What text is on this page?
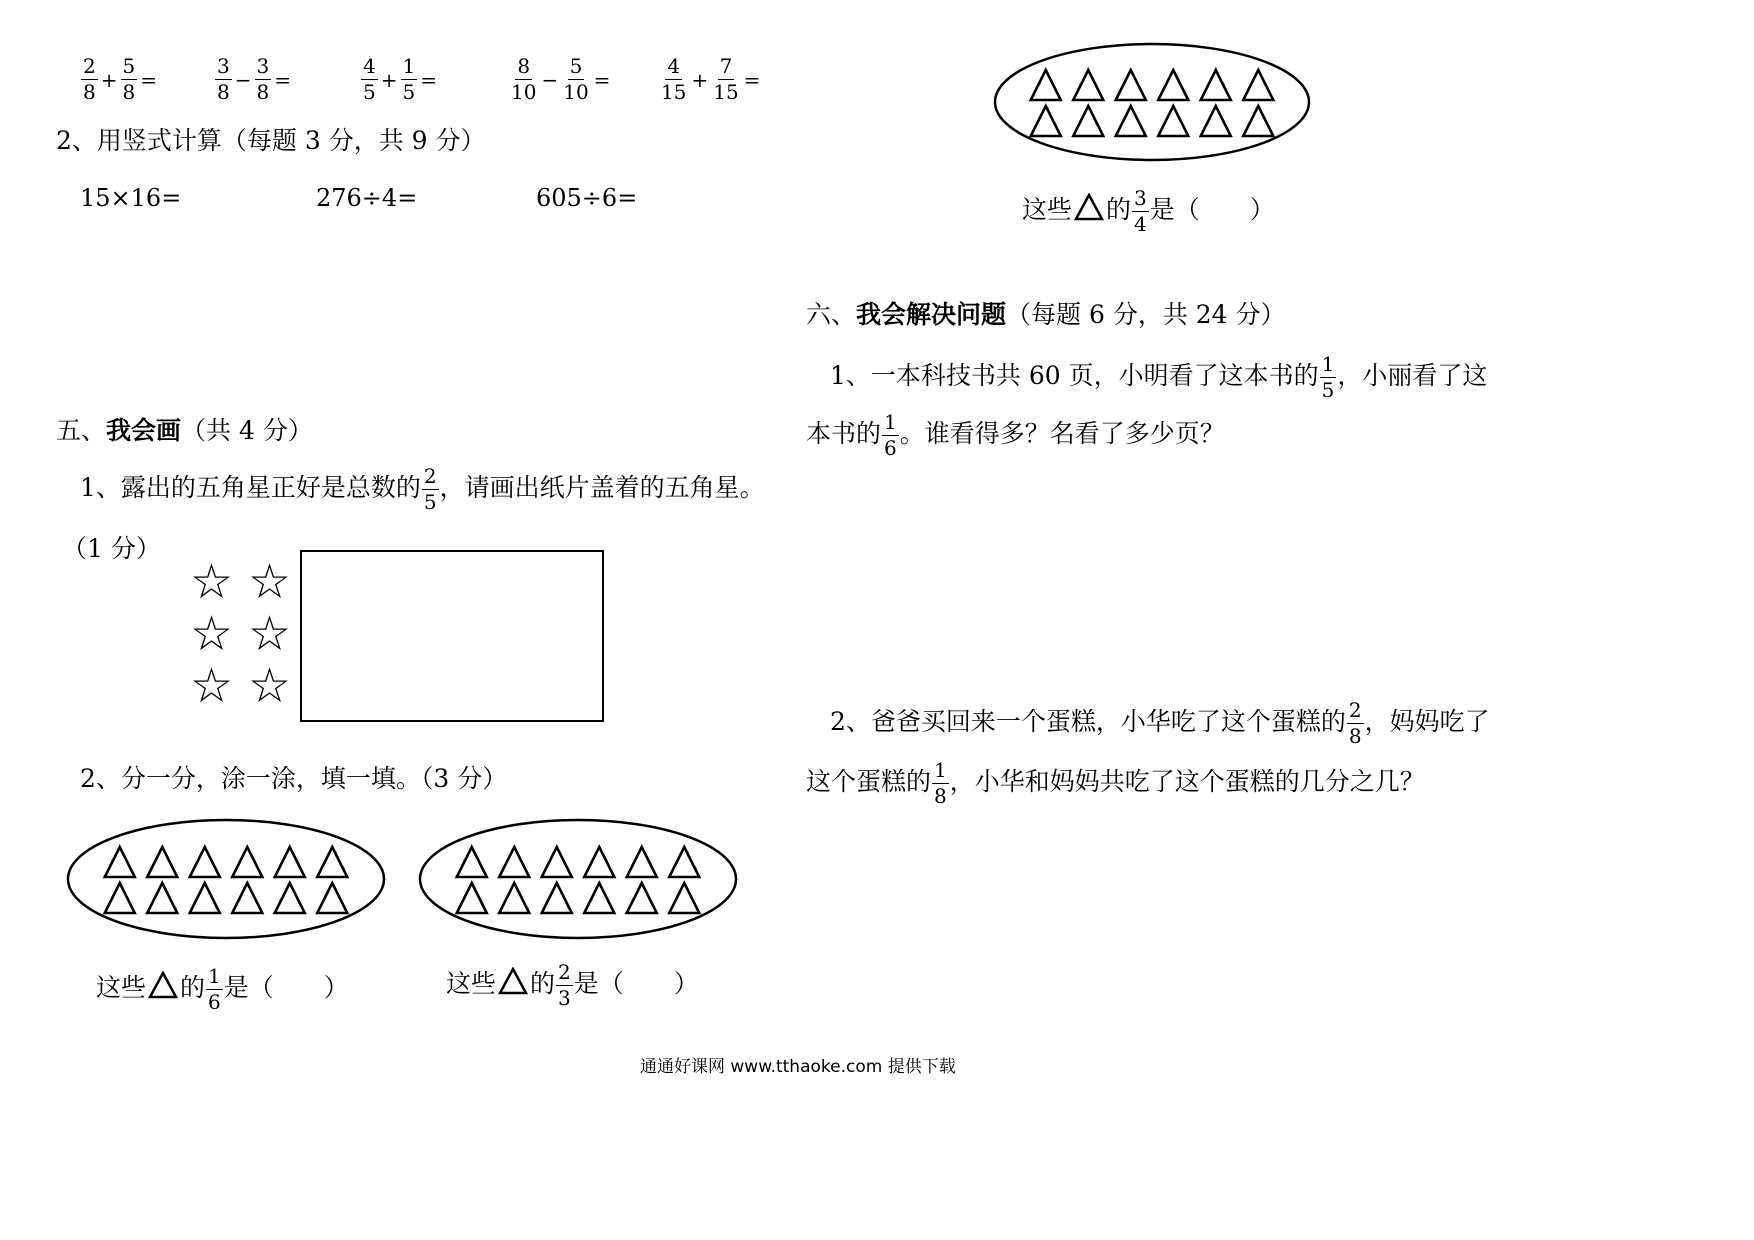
$\frac{2}{8} + \frac{5}{8}$ =	$\frac{3}{8} - \frac{3}{8}$ =	$\frac{4}{5} + \frac{1}{5}$ =	$\frac{8}{10} - \frac{5}{10} = \frac{4}{15} + \frac{7}{15}$ =
2、用竖式计算（每题 3 分，共 9 分）
15×16=	276÷4=	605÷6=
五、我会画（共 4 分）
1、露出的五角星正好是总数的 $\frac{2}{5}$ ，请画出纸片盖着的五角星。
（1 分）
☆ ☆
☆ ☆
☆ ☆
2、分一分，涂一涂，填一填。（3 分）
这些 的 $\frac{1}{6}$ 是（　　）	这些 的 $\frac{2}{3}$ 是（　　）
这些 的 $\frac{3}{4}$ 是（　　）
六、我会解决问题（每题 6 分，共 24 分）
1、一本科技书共 60 页，小明看了这本书的 $\frac{1}{5}$ ，小丽看了这
本书的 $\frac{1}{6}$ 。谁看得多？名看了多少页？
2、爸爸买回来一个蛋糕，小华吃了这个蛋糕的 $\frac{2}{8}$ ，妈妈吃了
这个蛋糕的 $\frac{1}{8}$ ，小华和妈妈共吃了这个蛋糕的几分之几？
通通好课网 www.tthaoke.com 提供下载
